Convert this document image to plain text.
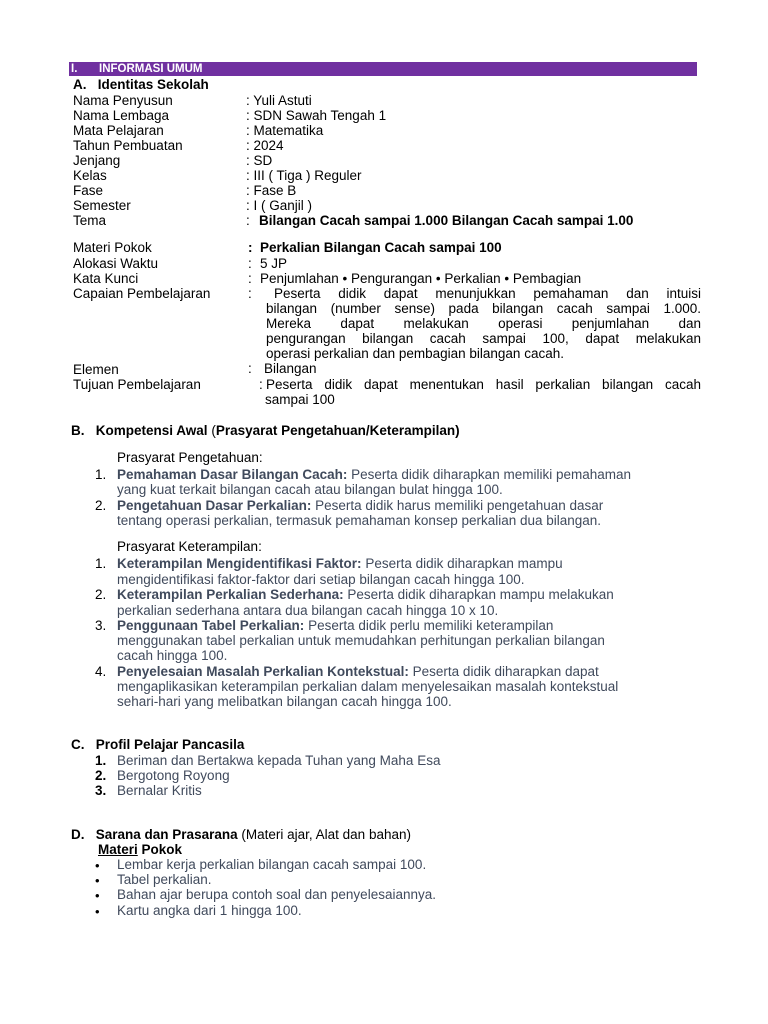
I. INFORMASI UMUM
A. Identitas Sekolah
Nama Penyusun	: Yuli Astuti
Nama Lembaga	: SDN Sawah Tengah 1
Mata Pelajaran	: Matematika
Tahun Pembuatan	: 2024
Jenjang	: SD
Kelas	: III ( Tiga ) Reguler
Fase	: Fase B
Semester	: I ( Ganjil )
Tema	: Bilangan Cacah sampai 1.000 Bilangan Cacah sampai 1.00
Materi Pokok	: Perkalian Bilangan Cacah sampai 100
Alokasi Waktu	: 5 JP
Kata Kunci	: Penjumlahan • Pengurangan • Perkalian • Pembagian
Capaian Pembelajaran	: Peserta didik dapat menunjukkan pemahaman dan intuisi
bilangan (number sense) pada bilangan cacah sampai 1.000.
Mereka dapat melakukan operasi penjumlahan dan
pengurangan bilangan cacah sampai 100, dapat melakukan
operasi perkalian dan pembagian bilangan cacah.
Elemen	: Bilangan
Tujuan Pembelajaran	: Peserta didik dapat menentukan hasil perkalian bilangan cacah
sampai 100
B. Kompetensi Awal (Prasyarat Pengetahuan/Keterampilan)
Prasyarat Pengetahuan:
1. Pemahaman Dasar Bilangan Cacah: Peserta didik diharapkan memiliki pemahaman
yang kuat terkait bilangan cacah atau bilangan bulat hingga 100.
2. Pengetahuan Dasar Perkalian: Peserta didik harus memiliki pengetahuan dasar
tentang operasi perkalian, termasuk pemahaman konsep perkalian dua bilangan.
Prasyarat Keterampilan:
1. Keterampilan Mengidentifikasi Faktor: Peserta didik diharapkan mampu
mengidentifikasi faktor-faktor dari setiap bilangan cacah hingga 100.
2. Keterampilan Perkalian Sederhana: Peserta didik diharapkan mampu melakukan
perkalian sederhana antara dua bilangan cacah hingga 10 x 10.
3. Penggunaan Tabel Perkalian: Peserta didik perlu memiliki keterampilan
menggunakan tabel perkalian untuk memudahkan perhitungan perkalian bilangan
cacah hingga 100.
4. Penyelesaian Masalah Perkalian Kontekstual: Peserta didik diharapkan dapat
mengaplikasikan keterampilan perkalian dalam menyelesaikan masalah kontekstual
sehari-hari yang melibatkan bilangan cacah hingga 100.
C. Profil Pelajar Pancasila
1. Beriman dan Bertakwa kepada Tuhan yang Maha Esa
2. Bergotong Royong
3. Bernalar Kritis
D. Sarana dan Prasarana (Materi ajar, Alat dan bahan)
Materi Pokok
• Lembar kerja perkalian bilangan cacah sampai 100.
• Tabel perkalian.
• Bahan ajar berupa contoh soal dan penyelesaiannya.
• Kartu angka dari 1 hingga 100.
